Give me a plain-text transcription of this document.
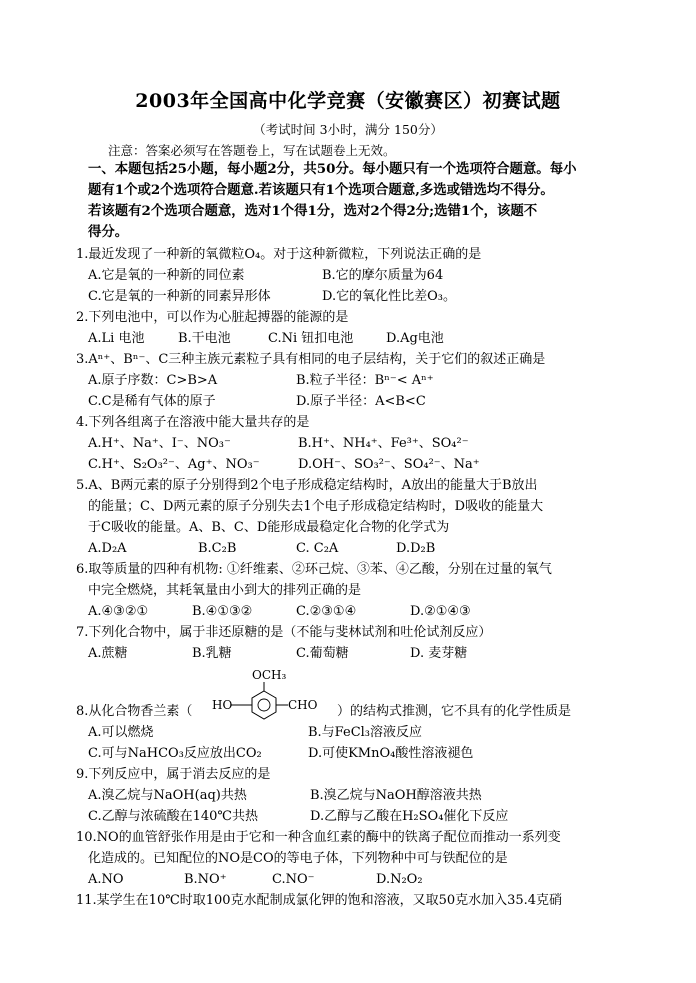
2003年全国高中化学竞赛（安徽赛区）初赛试题
（考试时间 3小时，满分 150分）
注意：答案必须写在答题卷上，写在试题卷上无效。
一、本题包括25小题，每小题2分，共50分。每小题只有一个选项符合题意。每小
题有1个或2个选项符合题意.若该题只有1个选项合题意,多选或错选均不得分。
若该题有2个选项合题意，选对1个得1分，选对2个得2分;选错1个，该题不
得分。
1.最近发现了一种新的氧微粒O₄。对于这种新微粒，下列说法正确的是
A.它是氧的一种新的同位素	B.它的摩尔质量为64
C.它是氧的一种新的同素异形体	D.它的氧化性比差O₃。
2.下列电池中，可以作为心脏起搏器的能源的是
A.Li 电池	B.干电池	C.Ni 钮扣电池	D.Ag电池
3.Aⁿ⁺、Bⁿ⁻、C三种主族元素粒子具有相同的电子层结构，关于它们的叙述正确是
A.原子序数：C>B>A	B.粒子半径：Bⁿ⁻< Aⁿ⁺
C.C是稀有气体的原子	D.原子半径：A<B<C
4.下列各组离子在溶液中能大量共存的是
A.H⁺、Na⁺、I⁻、NO₃⁻	B.H⁺、NH₄⁺、Fe³⁺、SO₄²⁻
C.H⁺、S₂O₃²⁻、Ag⁺、NO₃⁻	D.OH⁻、SO₃²⁻、SO₄²⁻、Na⁺
5.A、B两元素的原子分别得到2个电子形成稳定结构时，A放出的能量大于B放出
的能量；C、D两元素的原子分别失去1个电子形成稳定结构时，D吸收的能量大
于C吸收的能量。A、B、C、D能形成最稳定化合物的化学式为
A.D₂A	B.C₂B	C. C₂A	D.D₂B
6.取等质量的四种有机物: ①纤维素、②环己烷、③苯、④乙酸，分别在过量的氧气
中完全燃烧，其耗氧量由小到大的排列正确的是
A.④③②①	B.④①③②	C.②③①④	D.②①④③
7.下列化合物中，属于非还原糖的是（不能与斐林试剂和吐伦试剂反应）
A.蔗糖	B.乳糖	C.葡萄糖	D. 麦芽糖
8.从化合物香兰素（
OCH₃
HO	CHO ）的结构式推测，它不具有的化学性质是
A.可以燃烧	B.与FeCl₃溶液反应
C.可与NaHCO₃反应放出CO₂	D.可使KMnO₄酸性溶液褪色
9.下列反应中，属于消去反应的是
A.溴乙烷与NaOH(aq)共热	B.溴乙烷与NaOH醇溶液共热
C.乙醇与浓硫酸在140℃共热	D.乙醇与乙酸在H₂SO₄催化下反应
10.NO的血管舒张作用是由于它和一种含血红素的酶中的铁离子配位而推动一系列变
化造成的。已知配位的NO是CO的等电子体，下列物种中可与铁配位的是
A.NO	B.NO⁺	C.NO⁻	D.N₂O₂
11.某学生在10℃时取100克水配制成氯化钾的饱和溶液，又取50克水加入35.4克硝
